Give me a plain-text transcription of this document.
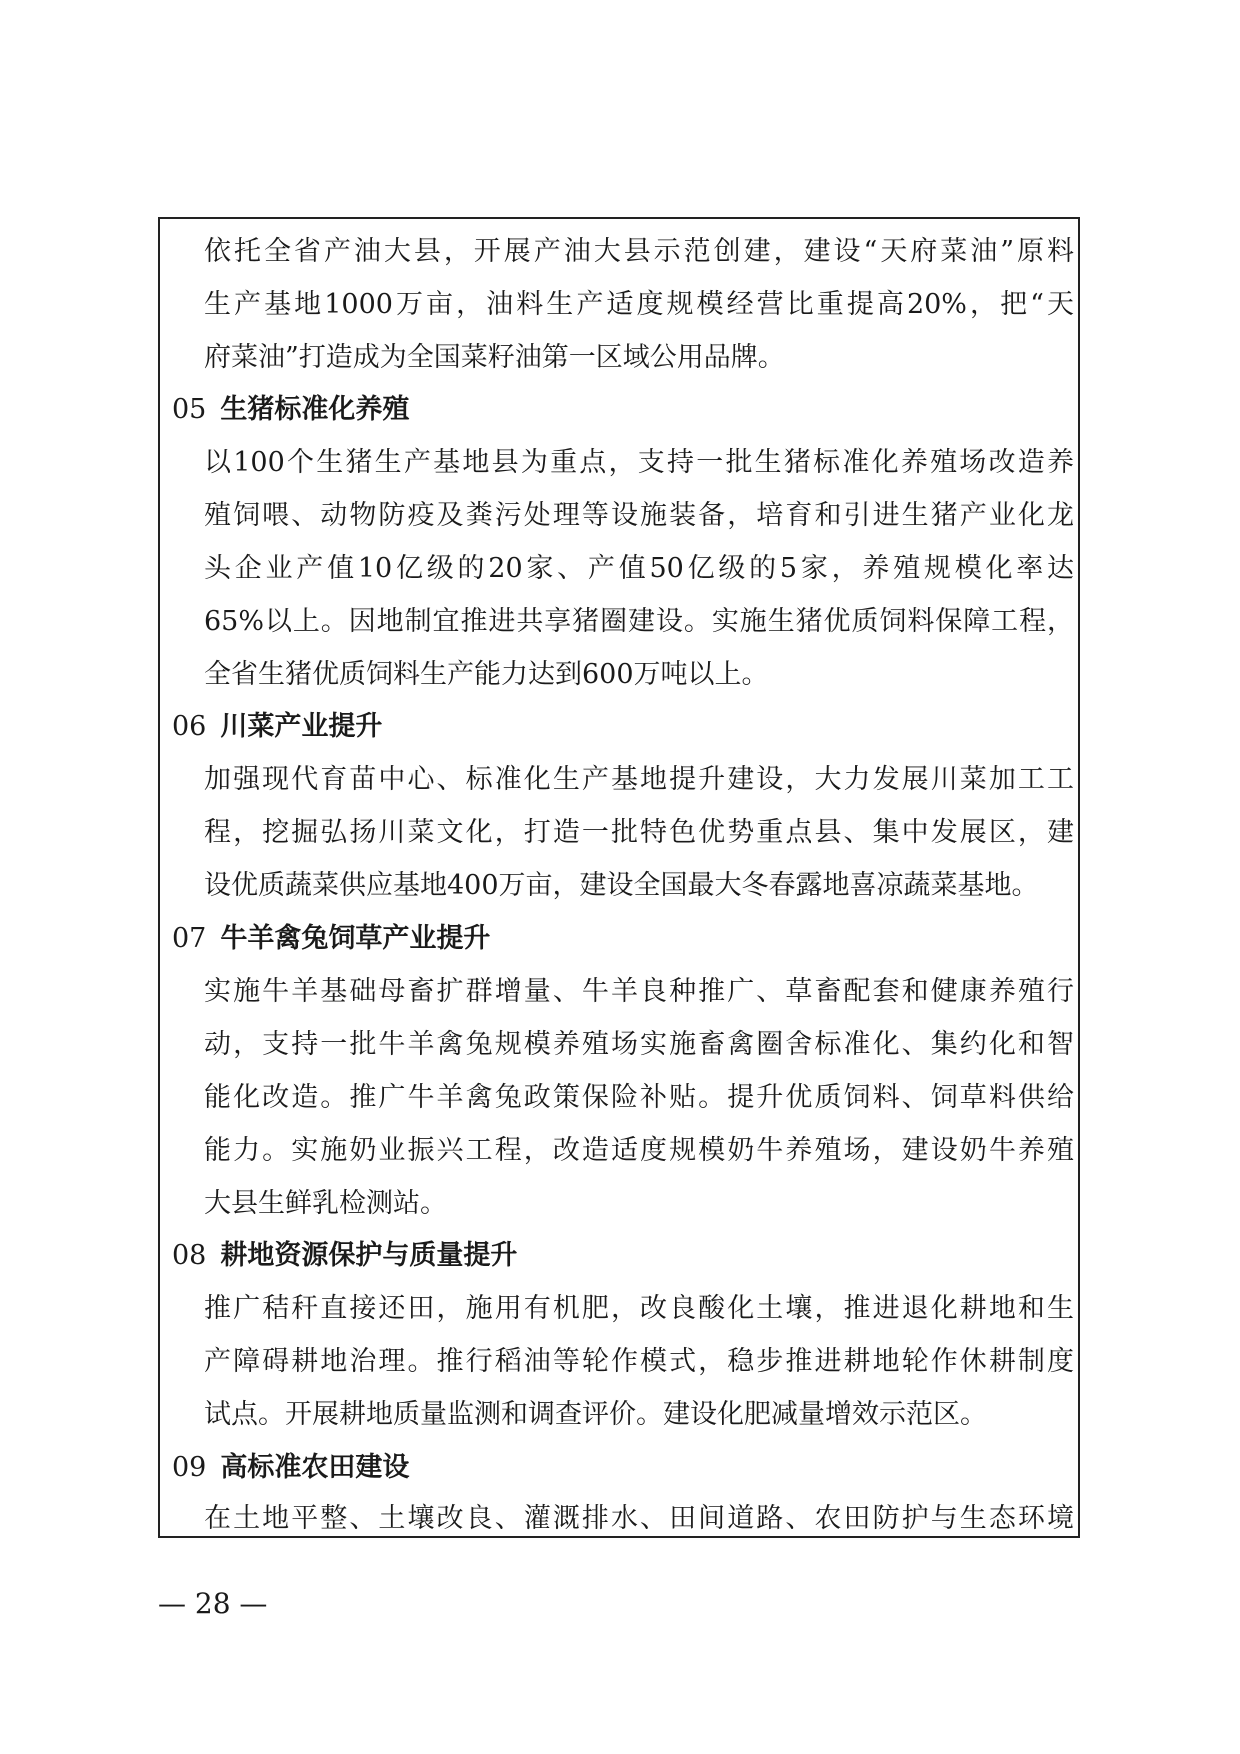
依托全省产油大县，开展产油大县示范创建，建设“天府菜油”原料
生产基地1000万亩，油料生产适度规模经营比重提高20%，把“天
府菜油”打造成为全国菜籽油第一区域公用品牌。
05 生猪标准化养殖
以100个生猪生产基地县为重点，支持一批生猪标准化养殖场改造养
殖饲喂、动物防疫及粪污处理等设施装备，培育和引进生猪产业化龙
头企业产值10亿级的20家、产值50亿级的5家，养殖规模化率达
65%以上。因地制宜推进共享猪圈建设。实施生猪优质饲料保障工程，
全省生猪优质饲料生产能力达到600万吨以上。
06 川菜产业提升
加强现代育苗中心、标准化生产基地提升建设，大力发展川菜加工工
程，挖掘弘扬川菜文化，打造一批特色优势重点县、集中发展区，建
设优质蔬菜供应基地400万亩，建设全国最大冬春露地喜凉蔬菜基地。
07 牛羊禽兔饲草产业提升
实施牛羊基础母畜扩群增量、牛羊良种推广、草畜配套和健康养殖行
动，支持一批牛羊禽兔规模养殖场实施畜禽圈舍标准化、集约化和智
能化改造。推广牛羊禽兔政策保险补贴。提升优质饲料、饲草料供给
能力。实施奶业振兴工程，改造适度规模奶牛养殖场，建设奶牛养殖
大县生鲜乳检测站。
08 耕地资源保护与质量提升
推广秸秆直接还田，施用有机肥，改良酸化土壤，推进退化耕地和生
产障碍耕地治理。推行稻油等轮作模式，稳步推进耕地轮作休耕制度
试点。开展耕地质量监测和调查评价。建设化肥减量增效示范区。
09 高标准农田建设
在土地平整、土壤改良、灌溉排水、田间道路、农田防护与生态环境
— 28 —
